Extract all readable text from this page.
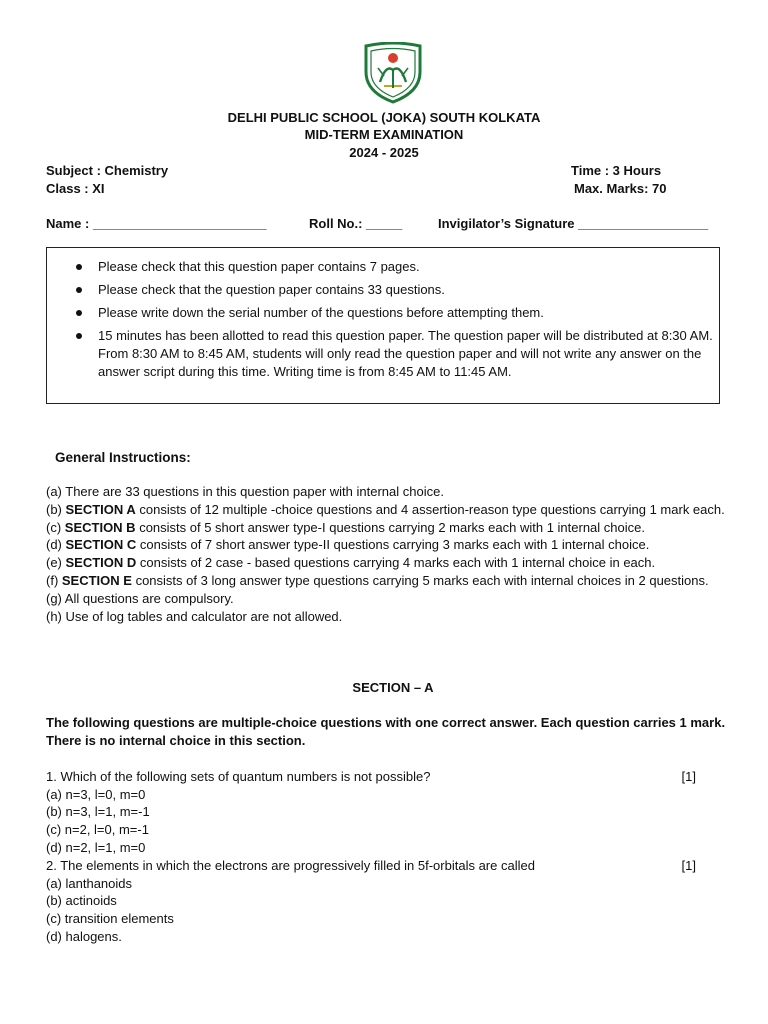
DELHI PUBLIC SCHOOL (JOKA) SOUTH KOLKATA
MID-TERM EXAMINATION
2024 - 2025
Subject : Chemistry
Class : XI
Time : 3 Hours
Max. Marks: 70
Name : ________________________	Roll No.: _____	Invigilator’s Signature __________________
Please check that this question paper contains 7 pages.
Please check that the question paper contains 33 questions.
Please write down the serial number of the questions before attempting them.
15 minutes has been allotted to read this question paper. The question paper will be distributed at 8:30 AM. From 8:30 AM to 8:45 AM, students will only read the question paper and will not write any answer on the answer script during this time. Writing time is from 8:45 AM to 11:45 AM.
General Instructions:
(a) There are 33 questions in this question paper with internal choice.
(b) SECTION A consists of 12 multiple -choice questions and 4 assertion-reason type questions carrying 1 mark each.
(c) SECTION B consists of 5 short answer type-I questions carrying 2 marks each with 1 internal choice.
(d) SECTION C consists of 7 short answer type-II questions carrying 3 marks each with 1 internal choice.
(e) SECTION D consists of 2 case - based questions carrying 4 marks each with 1 internal choice in each.
(f) SECTION E consists of 3 long answer type questions carrying 5 marks each with internal choices in 2 questions.
(g) All questions are compulsory.
(h) Use of log tables and calculator are not allowed.
SECTION – A
The following questions are multiple-choice questions with one correct answer. Each question carries 1 mark. There is no internal choice in this section.
1. Which of the following sets of quantum numbers is not possible?	[1]
(a) n=3, l=0, m=0
(b) n=3, l=1, m=-1
(c) n=2, l=0, m=-1
(d) n=2, l=1, m=0
2. The elements in which the electrons are progressively filled in 5f-orbitals are called	[1]
(a) lanthanoids
(b) actinoids
(c) transition elements
(d) halogens.
